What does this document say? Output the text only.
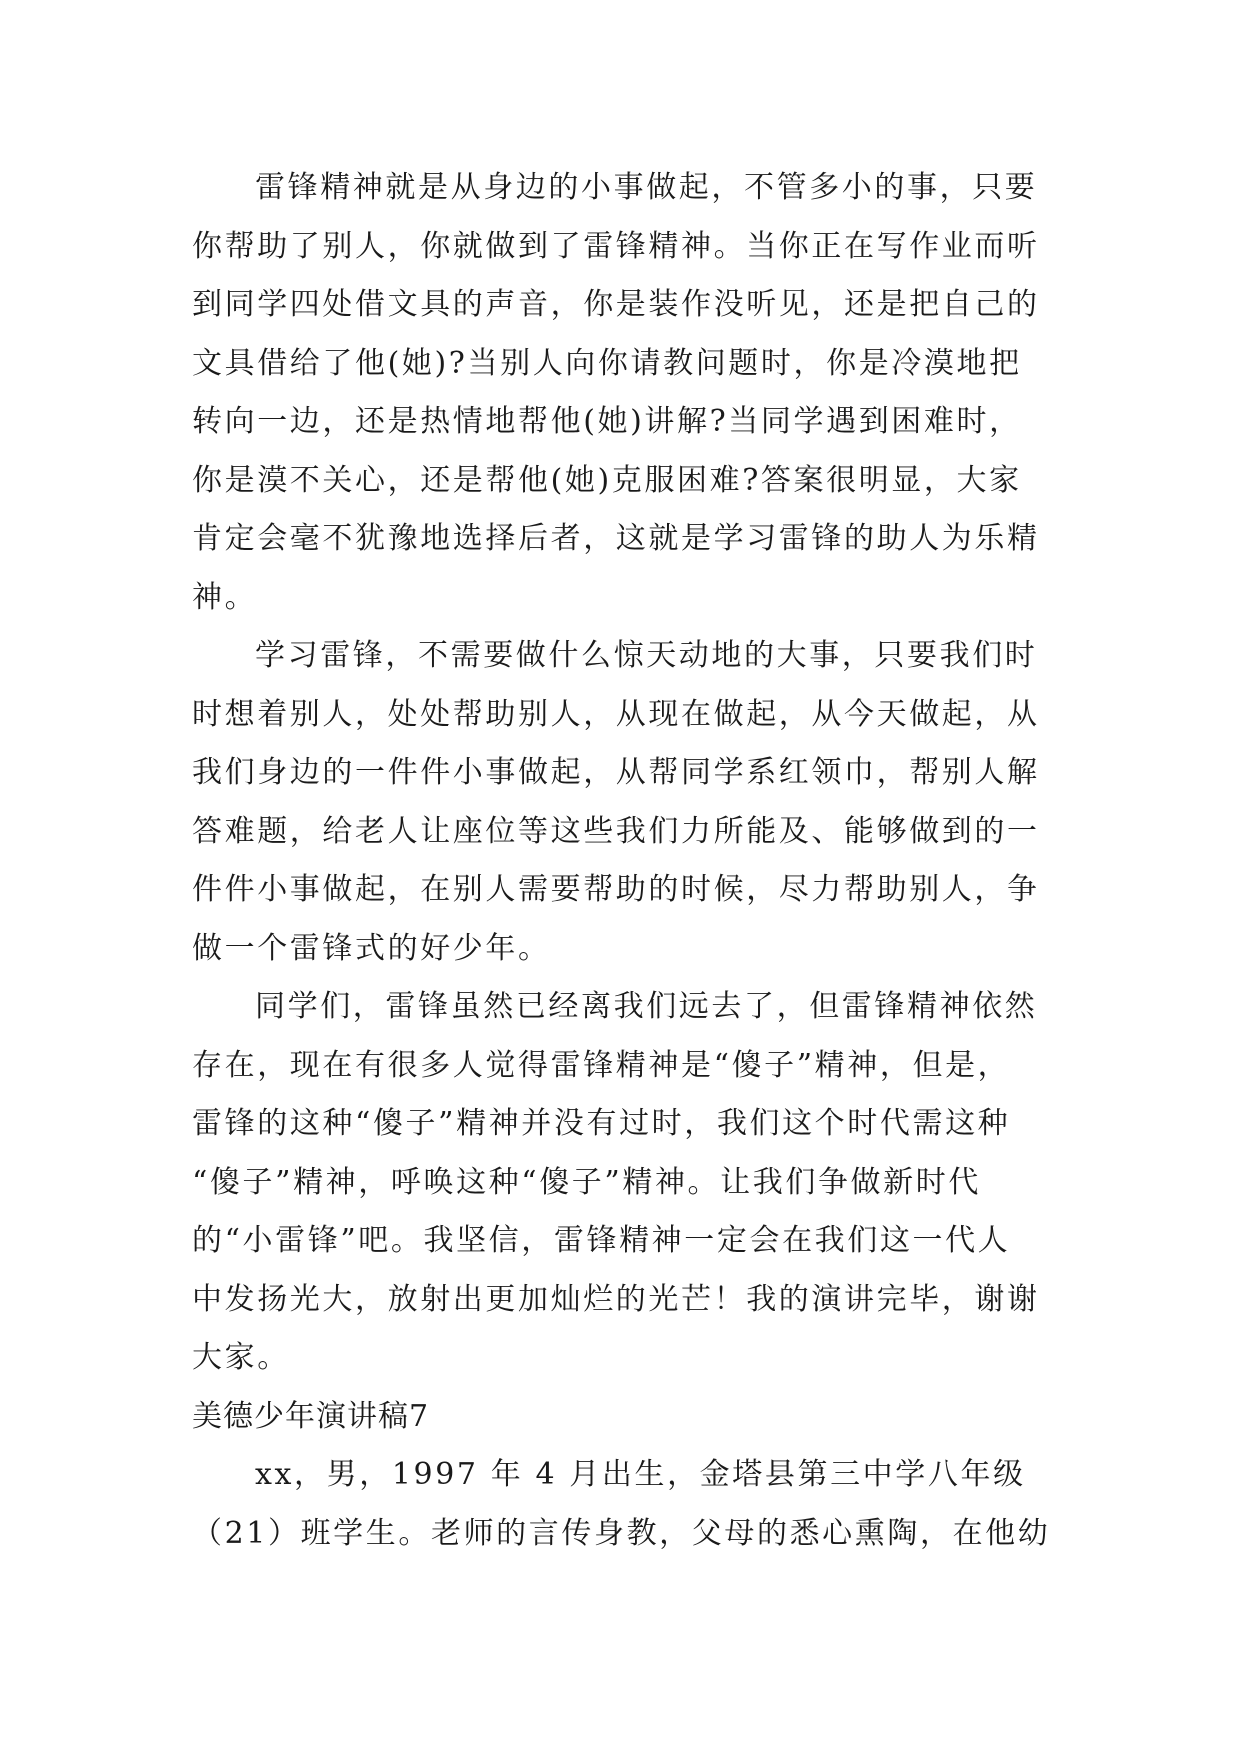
雷锋精神就是从身边的小事做起，不管多小的事，只要
你帮助了别人，你就做到了雷锋精神。当你正在写作业而听
到同学四处借文具的声音，你是装作没听见，还是把自己的
文具借给了他(她)?当别人向你请教问题时，你是冷漠地把
转向一边，还是热情地帮他(她)讲解?当同学遇到困难时，
你是漠不关心，还是帮他(她)克服困难?答案很明显，大家
肯定会毫不犹豫地选择后者，这就是学习雷锋的助人为乐精
神。
学习雷锋，不需要做什么惊天动地的大事，只要我们时
时想着别人，处处帮助别人，从现在做起，从今天做起，从
我们身边的一件件小事做起，从帮同学系红领巾，帮别人解
答难题，给老人让座位等这些我们力所能及、能够做到的一
件件小事做起，在别人需要帮助的时候，尽力帮助别人，争
做一个雷锋式的好少年。
同学们，雷锋虽然已经离我们远去了，但雷锋精神依然
存在，现在有很多人觉得雷锋精神是“傻子”精神，但是，
雷锋的这种“傻子”精神并没有过时，我们这个时代需这种
“傻子”精神，呼唤这种“傻子”精神。让我们争做新时代
的“小雷锋”吧。我坚信，雷锋精神一定会在我们这一代人
中发扬光大，放射出更加灿烂的光芒！我的演讲完毕，谢谢
大家。
美德少年演讲稿7
xx，男，1997 年 4 月出生，金塔县第三中学八年级
（21）班学生。老师的言传身教，父母的悉心熏陶，在他幼
